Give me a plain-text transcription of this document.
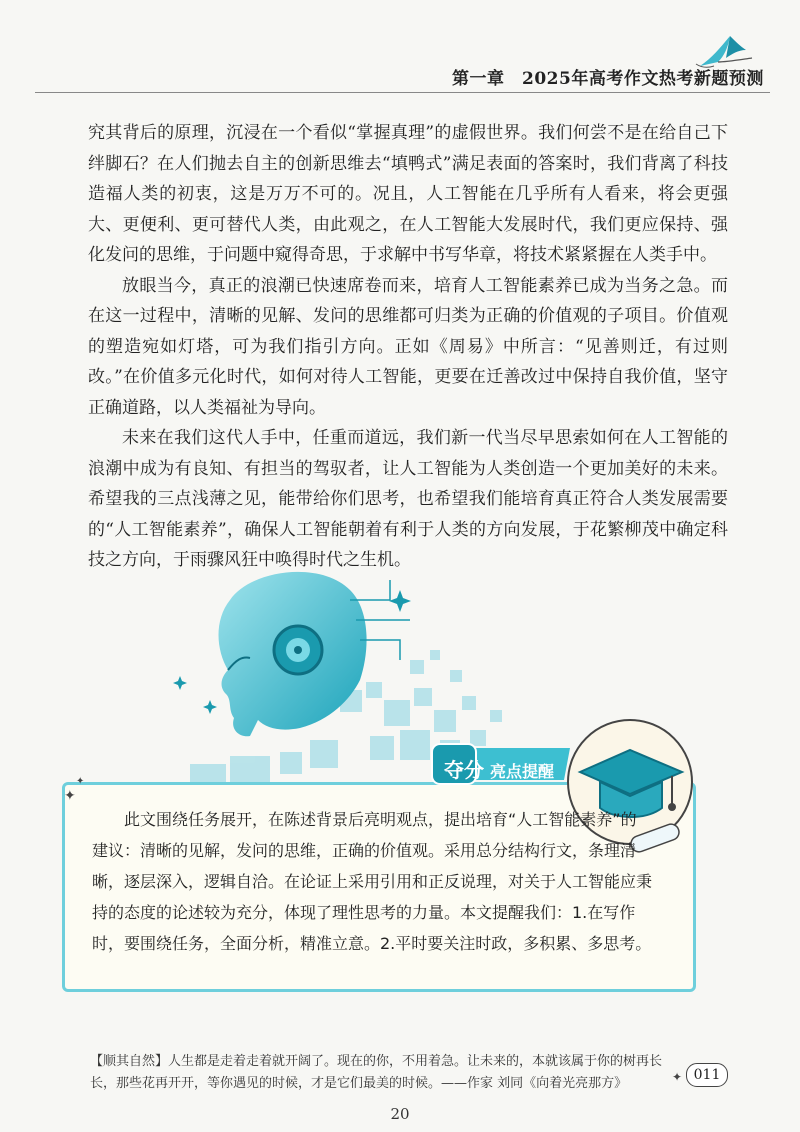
第一章　2025年高考作文热考新题预测

究其背后的原理，沉浸在一个看似“掌握真理”的虚假世界。我们何尝不是在给自己下绊脚石？在人们抛去自主的创新思维去“填鸭式”满足表面的答案时，我们背离了科技造福人类的初衷，这是万万不可的。况且，人工智能在几乎所有人看来，将会更强大、更便利、更可替代人类，由此观之，在人工智能大发展时代，我们更应保持、强化发问的思维，于问题中窥得奇思，于求解中书写华章，将技术紧紧握在人类手中。

放眼当今，真正的浪潮已快速席卷而来，培育人工智能素养已成为当务之急。而在这一过程中，清晰的见解、发问的思维都可归类为正确的价值观的子项目。价值观的塑造宛如灯塔，可为我们指引方向。正如《周易》中所言：“见善则迁，有过则改。”在价值多元化时代，如何对待人工智能，更要在迁善改过中保持自我价值，坚守正确道路，以人类福祉为导向。

未来在我们这代人手中，任重而道远，我们新一代当尽早思索如何在人工智能的浪潮中成为有良知、有担当的驾驭者，让人工智能为人类创造一个更加美好的未来。希望我的三点浅薄之见，能带给你们思考，也希望我们能培育真正符合人类发展需要的“人工智能素养”，确保人工智能朝着有利于人类的方向发展，于花繁柳茂中确定科技之方向，于雨骤风狂中唤得时代之生机。

夺分 亮点提醒

此文围绕任务展开，在陈述背景后亮明观点，提出培育“人工智能素养”的建议：清晰的见解，发问的思维，正确的价值观。采用总分结构行文，条理清晰，逐层深入，逻辑自洽。在论证上采用引用和正反说理，对关于人工智能应秉持的态度的论述较为充分，体现了理性思考的力量。本文提醒我们：1.在写作时，要围绕任务，全面分析，精准立意。2.平时要关注时政，多积累、多思考。

✦
✦
【顺其自然】人生都是走着走着就开阔了。现在的你，不用着急。让未来的，本就该属于你的树再长长，那些花再开开，等你遇见的时候，才是它们最美的时候。——作家 刘同《向着光亮那方》	✦ 011
20
